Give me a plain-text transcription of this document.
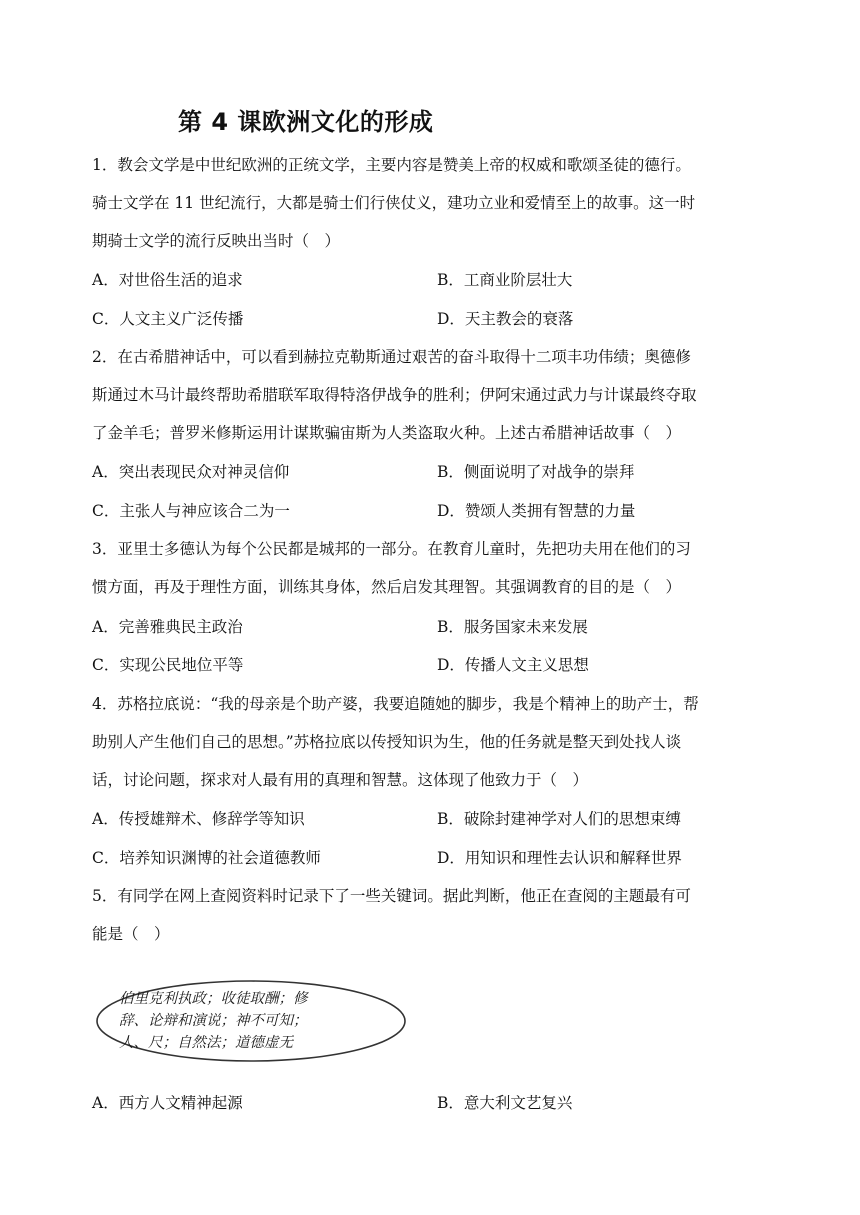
第 4 课欧洲文化的形成
1．教会文学是中世纪欧洲的正统文学，主要内容是赞美上帝的权威和歌颂圣徒的德行。
骑士文学在 11 世纪流行，大都是骑士们行侠仗义，建功立业和爱情至上的故事。这一时
期骑士文学的流行反映出当时（　）
A．对世俗生活的追求	B．工商业阶层壮大
C．人文主义广泛传播	D．天主教会的衰落
2．在古希腊神话中，可以看到赫拉克勒斯通过艰苦的奋斗取得十二项丰功伟绩；奥德修
斯通过木马计最终帮助希腊联军取得特洛伊战争的胜利；伊阿宋通过武力与计谋最终夺取
了金羊毛；普罗米修斯运用计谋欺骗宙斯为人类盗取火种。上述古希腊神话故事（　）
A．突出表现民众对神灵信仰	B．侧面说明了对战争的崇拜
C．主张人与神应该合二为一	D．赞颂人类拥有智慧的力量
3．亚里士多德认为每个公民都是城邦的一部分。在教育儿童时，先把功夫用在他们的习
惯方面，再及于理性方面，训练其身体，然后启发其理智。其强调教育的目的是（　）
A．完善雅典民主政治	B．服务国家未来发展
C．实现公民地位平等	D．传播人文主义思想
4．苏格拉底说：“我的母亲是个助产婆，我要追随她的脚步，我是个精神上的助产士，帮
助别人产生他们自己的思想。”苏格拉底以传授知识为生，他的任务就是整天到处找人谈
话，讨论问题，探求对人最有用的真理和智慧。这体现了他致力于（　）
A．传授雄辩术、修辞学等知识	B．破除封建神学对人们的思想束缚
C．培养知识渊博的社会道德教师	D．用知识和理性去认识和解释世界
5．有同学在网上查阅资料时记录下了一些关键词。据此判断，他正在查阅的主题最有可
能是（　）
伯里克利执政；收徒取酬；修
辞、论辩和演说；神不可知；
人、尺；自然法；道德虚无
A．西方人文精神起源	B．意大利文艺复兴
